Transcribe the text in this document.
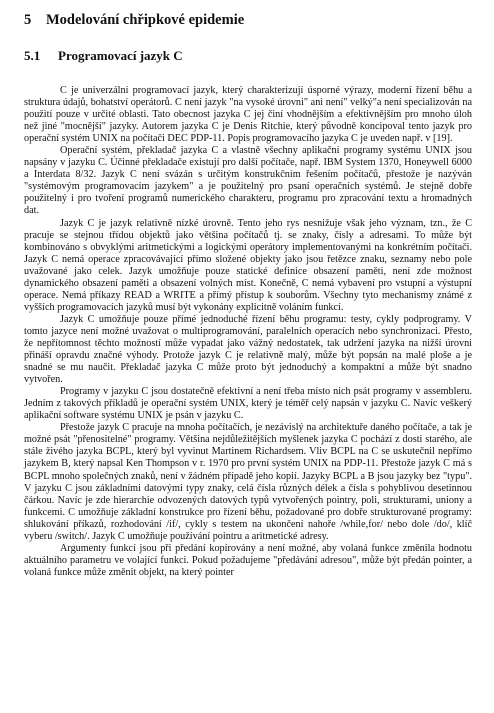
5 Modelování chřipkové epidemie
5.1 Programovací jazyk C

C je univerzální programovací jazyk, který charakterizují úsporné výrazy, moderní řízení běhu a struktura údajů, bohatství operátorů. C není jazyk "na vysoké úrovni" ani není" velký"a není specializován na použití pouze v určité oblasti. Tato obecnost jazyka C jej činí vhodnějším a efektivnějším pro mnoho úloh než jiné "mocnější" jazyky. Autorem jazyka C je Denis Ritchie, který původně koncipoval tento jazyk pro operační systém UNIX na počítači DEC PDP-11. Popis programovacího jazyka C je uveden např. v [19].

Operační systém, překladač jazyka C a vlastně všechny aplikační programy systému UNIX jsou napsány v jazyku C. Účinné překladače existují pro další počítače, např. IBM System 1370, Honeywell 6000 a Interdata 8/32. Jazyk C není svázán s určitým konstrukčním řešením počítačů, přestože je nazýván "systémovým programovacím jazykem" a je použitelný pro psaní operačních systémů. Je stejně dobře použitelný i pro tvoření programů numerického charakteru, programu pro zpracování textu a hromadných dat.

Jazyk C je jazyk relativně nízké úrovně. Tento jeho rys nesnižuje však jeho význam, tzn., že C pracuje se stejnou třídou objektů jako většina počítačů tj. se znaky, čísly a adresami. To může být kombinováno s obvyklými aritmetickými a logickými operátory implementovanými na konkrétním počítači. Jazyk C nemá operace zpracovávající přímo složené objekty jako jsou řetězce znaku, seznamy nebo pole uvažované jako celek. Jazyk umožňuje pouze statické definice obsazení paměti, není zde možnost dynamického obsazení paměti a obsazení volných míst. Konečně, C nemá vybavení pro vstupní a výstupní operace. Nemá příkazy READ a WRITE a přímý přístup k souborům. Všechny tyto mechanismy známé z vyšších programovacích jazyků musí být vykonány explicitně voláním funkcí.

Jazyk C umožňuje pouze přímé jednoduché řízení běhu programu: testy, cykly podprogramy. V tomto jazyce není možné uvažovat o multiprogramování, paralelních operacích nebo synchronizaci. Přesto, že nepřítomnost těchto možností může vypadat jako vážný nedostatek, tak udržení jazyka na nižší úrovni přináší opravdu značné výhody. Protože jazyk C je relativně malý, může být popsán na malé ploše a je snadné se mu naučit. Překladač jazyka C může proto být jednoduchý a kompaktní a může být snadno vytvořen.

Programy v jazyku C jsou dostatečně efektivní a není třeba místo nich psát programy v assembleru. Jedním z takových příkladů je operační systém UNIX, který je téměř celý napsán v jazyku C. Navíc veškerý aplikační software systému UNIX je psán v jazyku C.

Přestože jazyk C pracuje na mnoha počítačích, je nezávislý na architektuře daného počítače, a tak je možné psát "přenositelné" programy. Většina nejdůležitějších myšlenek jazyka C pochází z dosti starého, ale stále živého jazyka BCPL, který byl vyvinut Martinem Richardsem. Vliv BCPL na C se uskutečnil nepřímo jazykem B, který napsal Ken Thompson v r. 1970 pro první systém UNIX na PDP-11. Přestože jazyk C má s BCPL mnoho společných znaků, není v žádném případě jeho kopií. Jazyky BCPL a B jsou jazyky bez "typu". V jazyku C jsou základními datovými typy znaky, celá čísla různých délek a čísla s pohyblivou desetinnou čárkou. Navíc je zde hierarchie odvozených datových typů vytvořených pointry, poli, strukturami, uniony a funkcemi. C umožňuje základní konstrukce pro řízení běhu, požadované pro dobře strukturované programy: shlukování příkazů, rozhodování /if/, cykly s testem na ukončení nahoře /while,for/ nebo dole /do/, klíč vyberu /switch/. Jazyk C umožňuje používání pointru a aritmetické adresy.

Argumenty funkcí jsou při předání kopírovány a není možné, aby volaná funkce změnila hodnotu aktuálního parametru ve volající funkci. Pokud požadujeme "předávání adresou", může být předán pointer, a volaná funkce může změnit objekt, na který pointer
